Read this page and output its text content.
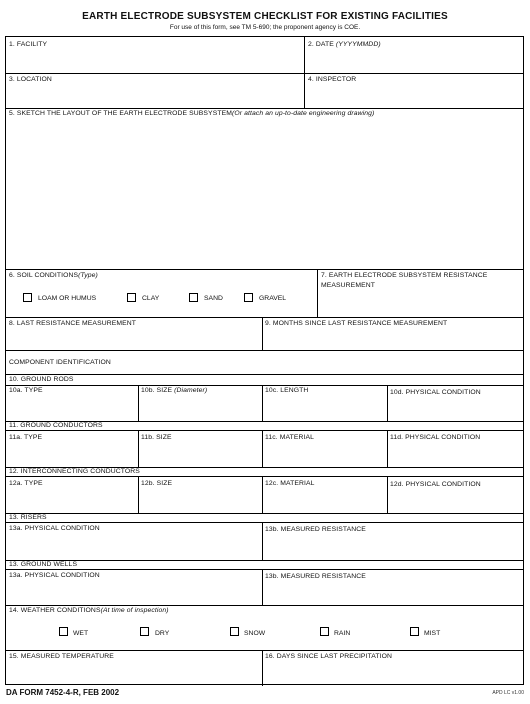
EARTH ELECTRODE SUBSYSTEM CHECKLIST FOR EXISTING FACILITIES
For use of this form, see TM 5-690; the proponent agency is COE.
1. FACILITY	2. DATE (YYYYMMDD)
3. LOCATION	4. INSPECTOR
5. SKETCH THE LAYOUT OF THE EARTH ELECTRODE SUBSYSTEM(Or attach an up-to-date engineering drawing)
6. SOIL CONDITIONS(Type)	7. EARTH ELECTRODE SUBSYSTEM RESISTANCE
MEASUREMENT
LOAM OR HUMUS	CLAY	SAND	GRAVEL
8. LAST RESISTANCE MEASUREMENT	9. MONTHS SINCE LAST RESISTANCE MEASUREMENT
COMPONENT IDENTIFICATION
10. GROUND RODS
10a. TYPE	10b. SIZE (Diameter)	10c. LENGTH	10d. PHYSICAL CONDITION
11. GROUND CONDUCTORS
11a. TYPE	11b. SIZE	11c. MATERIAL	11d. PHYSICAL CONDITION
12. INTERCONNECTING CONDUCTORS
12a. TYPE	12b. SIZE	12c. MATERIAL	12d. PHYSICAL CONDITION
13. RISERS
13a. PHYSICAL CONDITION	13b. MEASURED RESISTANCE
13. GROUND WELLS
13a. PHYSICAL CONDITION	13b. MEASURED RESISTANCE
14. WEATHER CONDITIONS(At time of inspection)
WET	DRY	SNOW	RAIN	MIST
15. MEASURED TEMPERATURE	16. DAYS SINCE LAST PRECIPITATION
DA FORM 7452-4-R, FEB 2002	APD LC v1.00
